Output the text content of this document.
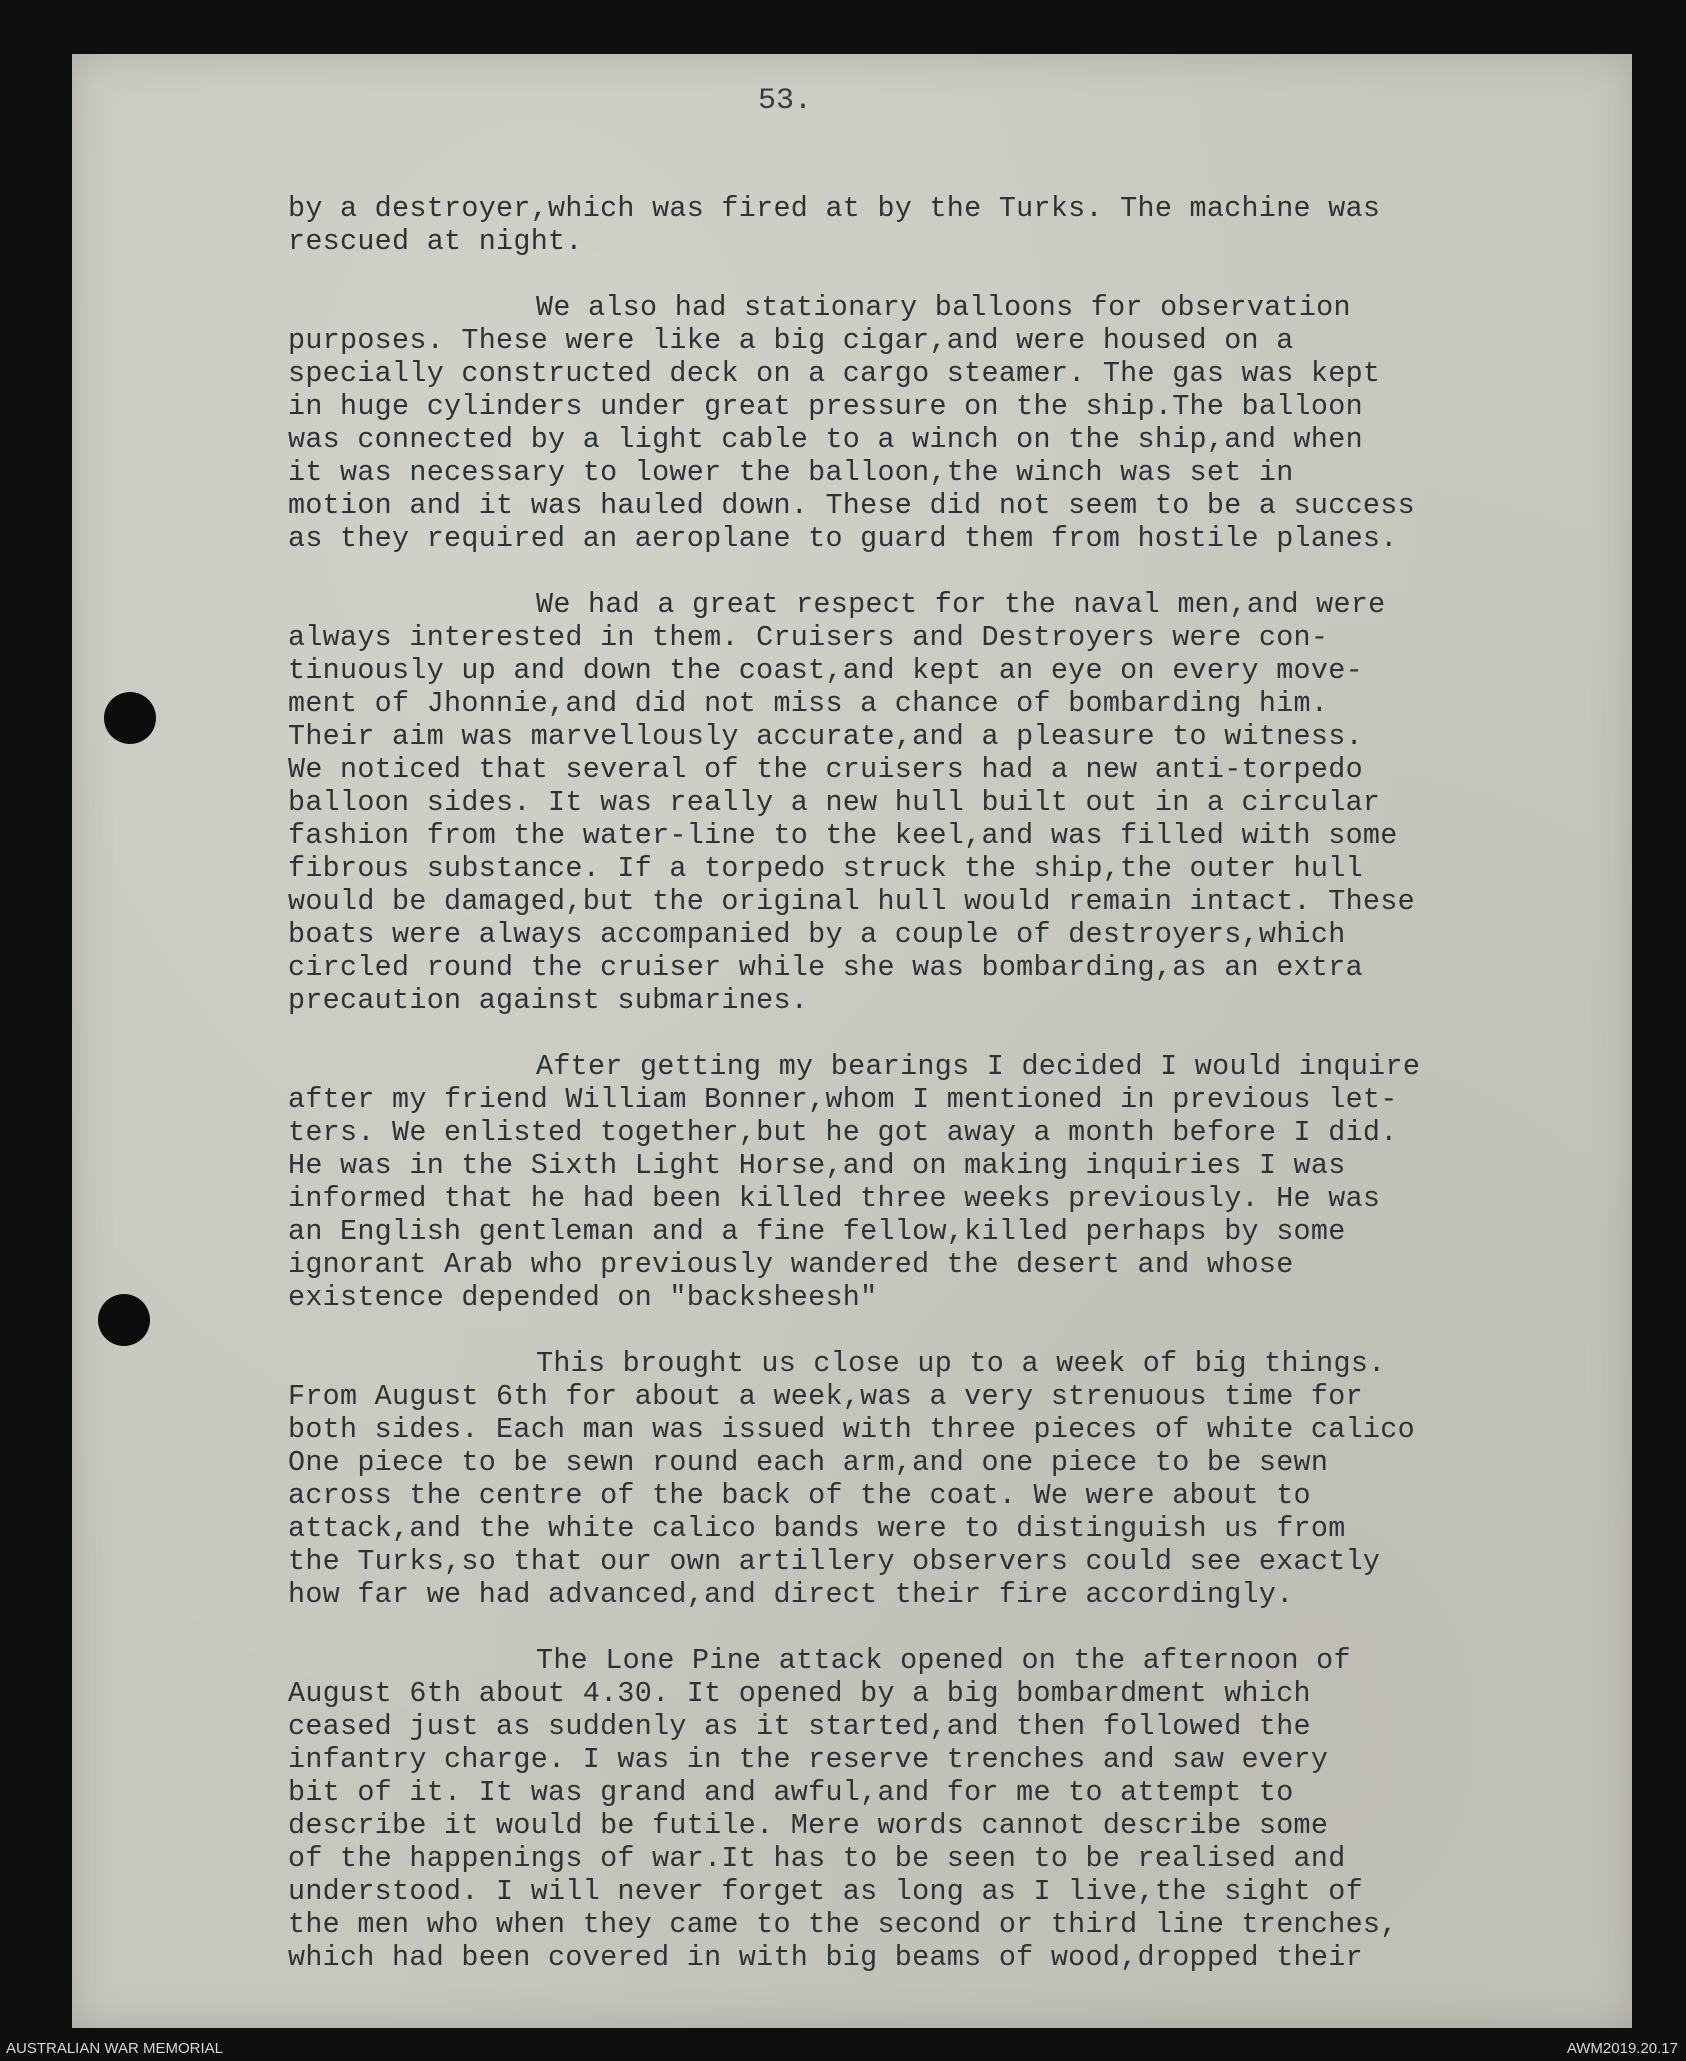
53.

by a destroyer,which was fired at by the Turks. The machine was
rescued at night.

We also had stationary balloons for observation
purposes. These were like a big cigar,and were housed on a
specially constructed deck on a cargo steamer. The gas was kept
in huge cylinders under great pressure on the ship.The balloon
was connected by a light cable to a winch on the ship,and when
it was necessary to lower the balloon,the winch was set in
motion and it was hauled down. These did not seem to be a success
as they required an aeroplane to guard them from hostile planes.

We had a great respect for the naval men,and were
always interested in them. Cruisers and Destroyers were con-
tinuously up and down the coast,and kept an eye on every move-
ment of Jhonnie,and did not miss a chance of bombarding him.
Their aim was marvellously accurate,and a pleasure to witness.
We noticed that several of the cruisers had a new anti-torpedo
balloon sides. It was really a new hull built out in a circular
fashion from the water-line to the keel,and was filled with some
fibrous substance. If a torpedo struck the ship,the outer hull
would be damaged,but the original hull would remain intact. These
boats were always accompanied by a couple of destroyers,which
circled round the cruiser while she was bombarding,as an extra
precaution against submarines.

After getting my bearings I decided I would inquire
after my friend William Bonner,whom I mentioned in previous let-
ters. We enlisted together,but he got away a month before I did.
He was in the Sixth Light Horse,and on making inquiries I was
informed that he had been killed three weeks previously. He was
an English gentleman and a fine fellow,killed perhaps by some
ignorant Arab who previously wandered the desert and whose
existence depended on "backsheesh"

This brought us close up to a week of big things.
From August 6th for about a week,was a very strenuous time for
both sides. Each man was issued with three pieces of white calico
One piece to be sewn round each arm,and one piece to be sewn
across the centre of the back of the coat. We were about to
attack,and the white calico bands were to distinguish us from
the Turks,so that our own artillery observers could see exactly
how far we had advanced,and direct their fire accordingly.

The Lone Pine attack opened on the afternoon of
August 6th about 4.30. It opened by a big bombardment which
ceased just as suddenly as it started,and then followed the
infantry charge. I was in the reserve trenches and saw every
bit of it. It was grand and awful,and for me to attempt to
describe it would be futile. Mere words cannot describe some
of the happenings of war.It has to be seen to be realised and
understood. I will never forget as long as I live,the sight of
the men who when they came to the second or third line trenches,
which had been covered in with big beams of wood,dropped their

AUSTRALIAN WAR MEMORIAL	AWM2019.20.17
